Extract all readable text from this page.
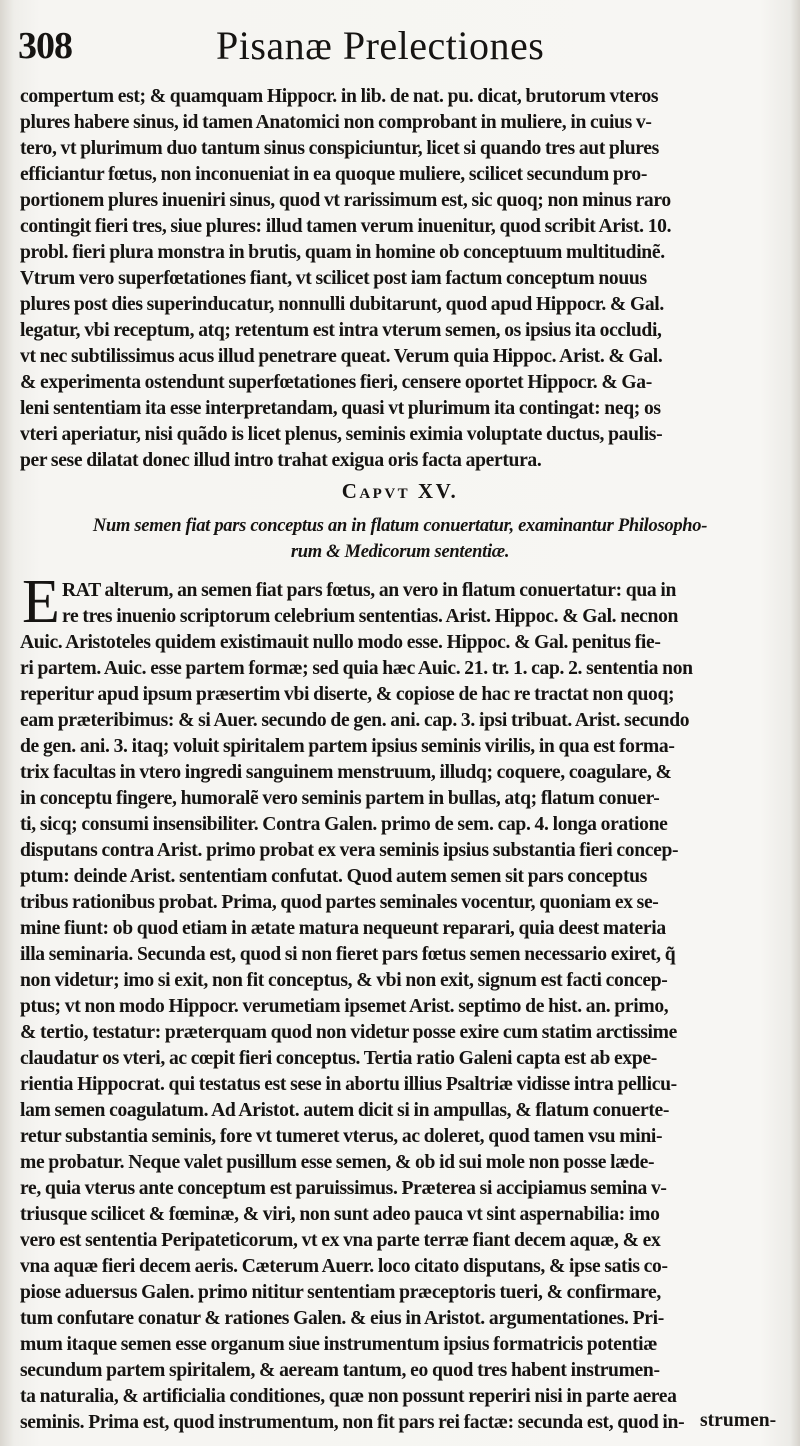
308	Pisanæ Prelectiones
compertum est; & quamquam Hippocr. in lib. de nat. pu. dicat, brutorum vteros
plures habere sinus, id tamen Anatomici non comprobant in muliere, in cuius v-
tero, vt plurimum duo tantum sinus conspiciuntur, licet si quando tres aut plures
efficiantur fœtus, non inconueniat in ea quoque muliere, scilicet secundum pro-
portionem plures inueniri sinus, quod vt rarissimum est, sic quoq; non minus raro
contingit fieri tres, siue plures: illud tamen verum inuenitur, quod scribit Arist. 10.
probl. fieri plura monstra in brutis, quam in homine ob conceptuum multitudinẽ.
Vtrum vero superfœtationes fiant, vt scilicet post iam factum conceptum nouus
plures post dies superinducatur, nonnulli dubitarunt, quod apud Hippocr. & Gal.
legatur, vbi receptum, atq; retentum est intra vterum semen, os ipsius ita occludi,
vt nec subtilissimus acus illud penetrare queat. Verum quia Hippoc. Arist. & Gal.
& experimenta ostendunt superfœtationes fieri, censere oportet Hippocr. & Ga-
leni sententiam ita esse interpretandam, quasi vt plurimum ita contingat: neq; os
vteri aperiatur, nisi quãdo is licet plenus, seminis eximia voluptate ductus, paulis-
per sese dilatat donec illud intro trahat exigua oris facta apertura.
Capvt XV.
Num semen fiat pars conceptus an in flatum conuertatur, examinantur Philosopho-
rum & Medicorum sententiæ.
E RAT alterum, an semen fiat pars fœtus, an vero in flatum conuertatur: qua in
re tres inuenio scriptorum celebrium sententias. Arist. Hippoc. & Gal. necnon
Auic. Aristoteles quidem existimauit nullo modo esse. Hippoc. & Gal. penitus fie-
ri partem. Auic. esse partem formæ; sed quia hæc Auic. 21. tr. 1. cap. 2. sententia non
reperitur apud ipsum præsertim vbi diserte, & copiose de hac re tractat non quoq;
eam præteribimus: & si Auer. secundo de gen. ani. cap. 3. ipsi tribuat. Arist. secundo
de gen. ani. 3. itaq; voluit spiritalem partem ipsius seminis virilis, in qua est forma-
trix facultas in vtero ingredi sanguinem menstruum, illudq; coquere, coagulare, &
in conceptu fingere, humoralẽ vero seminis partem in bullas, atq; flatum conuer-
ti, sicq; consumi insensibiliter. Contra Galen. primo de sem. cap. 4. longa oratione
disputans contra Arist. primo probat ex vera seminis ipsius substantia fieri concep-
ptum: deinde Arist. sententiam confutat. Quod autem semen sit pars conceptus
tribus rationibus probat. Prima, quod partes seminales vocentur, quoniam ex se-
mine fiunt: ob quod etiam in ætate matura nequeunt reparari, quia deest materia
illa seminaria. Secunda est, quod si non fieret pars fœtus semen necessario exiret, q̃
non videtur; imo si exit, non fit conceptus, & vbi non exit, signum est facti concep-
ptus; vt non modo Hippocr. verumetiam ipsemet Arist. septimo de hist. an. primo,
& tertio, testatur: præterquam quod non videtur posse exire cum statim arctissime
claudatur os vteri, ac cœpit fieri conceptus. Tertia ratio Galeni capta est ab expe-
rientia Hippocrat. qui testatus est sese in abortu illius Psaltriæ vidisse intra pellicu-
lam semen coagulatum. Ad Aristot. autem dicit si in ampullas, & flatum conuerte-
retur substantia seminis, fore vt tumeret vterus, ac doleret, quod tamen vsu mini-
me probatur. Neque valet pusillum esse semen, & ob id sui mole non posse læde-
re, quia vterus ante conceptum est paruissimus. Præterea si accipiamus semina v-
triusque scilicet & fœminæ, & viri, non sunt adeo pauca vt sint aspernabilia: imo
vero est sententia Peripateticorum, vt ex vna parte terræ fiant decem aquæ, & ex
vna aquæ fieri decem aeris. Cæterum Auerr. loco citato disputans, & ipse satis co-
piose aduersus Galen. primo nititur sententiam præceptoris tueri, & confirmare,
tum confutare conatur & rationes Galen. & eius in Aristot. argumentationes. Pri-
mum itaque semen esse organum siue instrumentum ipsius formatricis potentiæ
secundum partem spiritalem, & aeream tantum, eo quod tres habent instrumen-
ta naturalia, & artificialia conditiones, quæ non possunt reperiri nisi in parte aerea
seminis. Prima est, quod instrumentum, non fit pars rei factæ: secunda est, quod in- strumen-
